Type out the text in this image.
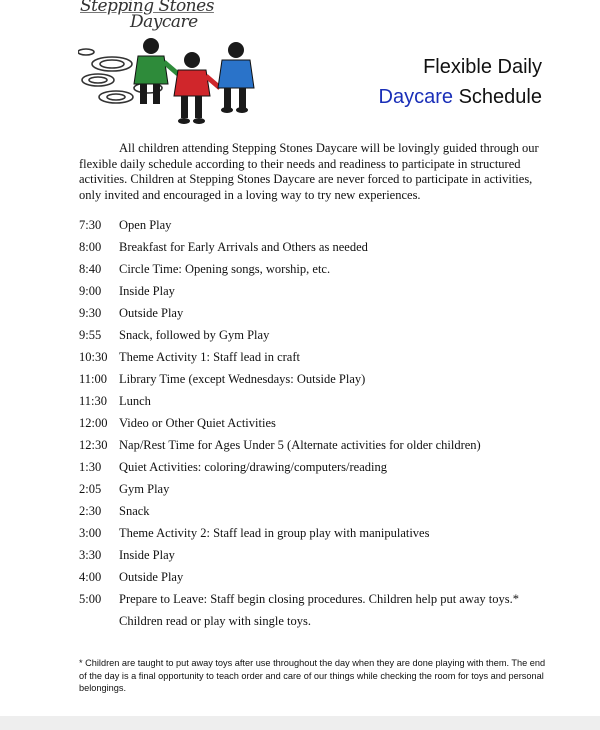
Stepping Stones
Daycare
Flexible Daily
Daycare Schedule

All children attending Stepping Stones Daycare will be lovingly guided through our flexible daily schedule according to their needs and readiness to participate in structured activities. Children at Stepping Stones Daycare are never forced to participate in activities, only invited and encouraged in a loving way to try new experiences.

7:30 Open Play
8:00 Breakfast for Early Arrivals and Others as needed
8:40 Circle Time: Opening songs, worship, etc.
9:00 Inside Play
9:30 Outside Play
9:55 Snack, followed by Gym Play
10:30 Theme Activity 1: Staff lead in craft
11:00 Library Time (except Wednesdays: Outside Play)
11:30 Lunch
12:00 Video or Other Quiet Activities
12:30 Nap/Rest Time for Ages Under 5 (Alternate activities for older children)
1:30 Quiet Activities: coloring/drawing/computers/reading
2:05 Gym Play
2:30 Snack
3:00 Theme Activity 2: Staff lead in group play with manipulatives
3:30 Inside Play
4:00 Outside Play
5:00 Prepare to Leave: Staff begin closing procedures. Children help put away toys.*
Children read or play with single toys.

* Children are taught to put away toys after use throughout the day when they are done playing with them. The end of the day is a final opportunity to teach order and care of our things while checking the room for toys and personal belongings.
